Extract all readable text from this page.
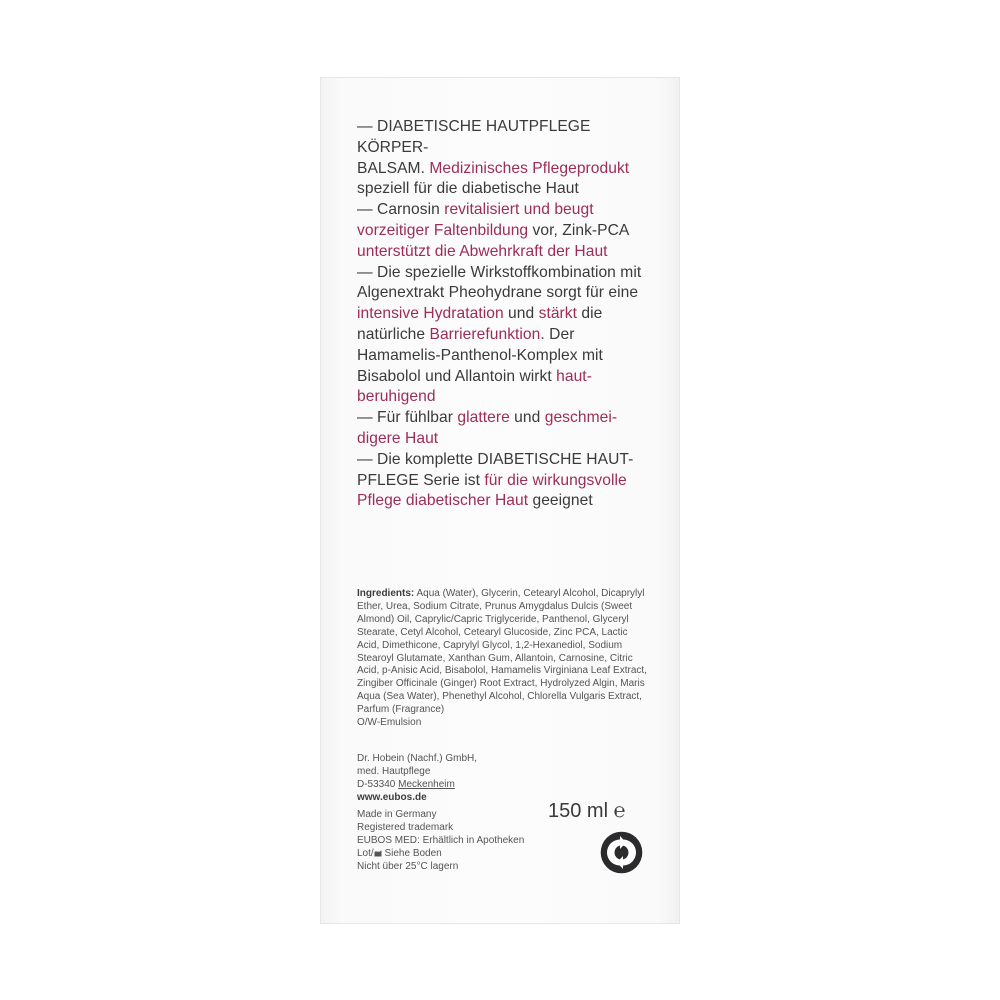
— DIABETISCHE HAUTPFLEGE KÖRPER-
BALSAM. Medizinisches Pflegeprodukt
speziell für die diabetische Haut
— Carnosin revitalisiert und beugt vorzeitiger Faltenbildung vor, Zink-PCA unterstützt die Abwehrkraft der Haut
— Die spezielle Wirkstoffkombination mit Algenextrakt Pheohydrane sorgt für eine intensive Hydratation und stärkt die natürliche Barrierefunktion. Der Hamamelis-Panthenol-Komplex mit Bisabolol und Allantoin wirkt haut-beruhigend
— Für fühlbar glattere und geschmei-digere Haut
— Die komplette DIABETISCHE HAUT-PFLEGE Serie ist für die wirkungsvolle Pflege diabetischer Haut geeignet
Ingredients: Aqua (Water), Glycerin, Cetearyl Alcohol, Dicaprylyl Ether, Urea, Sodium Citrate, Prunus Amygdalus Dulcis (Sweet Almond) Oil, Caprylic/Capric Triglyceride, Panthenol, Glyceryl Stearate, Cetyl Alcohol, Cetearyl Glucoside, Zinc PCA, Lactic Acid, Dimethicone, Caprylyl Glycol, 1,2-Hexanediol, Sodium Stearoyl Glutamate, Xanthan Gum, Allantoin, Carnosine, Citric Acid, p-Anisic Acid, Bisabolol, Hamamelis Virginiana Leaf Extract, Zingiber Officinale (Ginger) Root Extract, Hydrolyzed Algin, Maris Aqua (Sea Water), Phenethyl Alcohol, Chlorella Vulgaris Extract, Parfum (Fragrance)
O/W-Emulsion
Dr. Hobein (Nachf.) GmbH,
med. Hautpflege
D-53340 Meckenheim
www.eubos.de
150 ml ℮
Made in Germany
Registered trademark
EUBOS MED: Erhältlich in Apotheken
Lot/ Siehe Boden
Nicht über 25°C lagern
